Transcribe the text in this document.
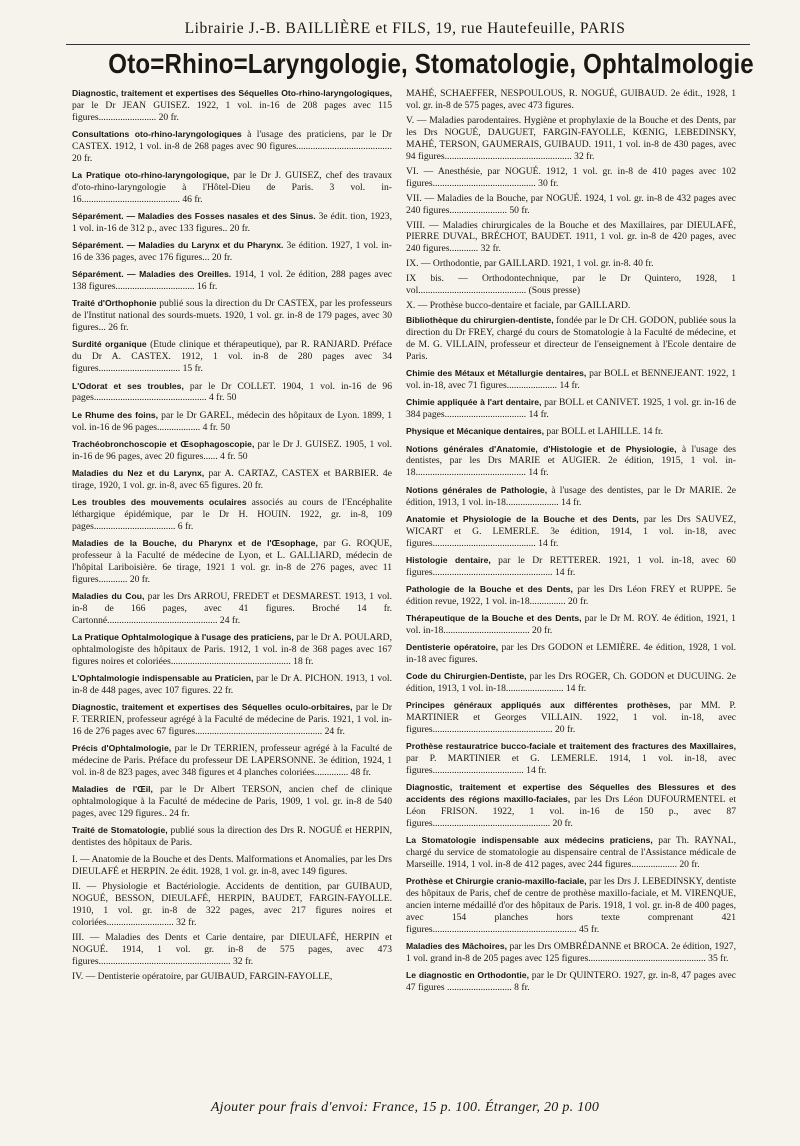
Librairie J.-B. BAILLIÈRE et FILS, 19, rue Hautefeuille, PARIS
Oto=Rhino=Laryngologie, Stomatologie, Ophtalmologie

Diagnostic, traitement et expertises des Séquelles Oto-rhino-laryngologiques, par le Dr JEAN GUISEZ. 1922, 1 vol. in-16 de 208 pages avec 115 figures........................ 20 fr.

Consultations oto-rhino-laryngologiques à l'usage des praticiens, par le Dr CASTEX. 1912, 1 vol. in-8 de 268 pages avec 90 figures........................................ 20 fr.

La Pratique oto-rhino-laryngologique, par le Dr J. GUISEZ, chef des travaux d'oto-rhino-laryngologie à l'Hôtel-Dieu de Paris. 3 vol. in-16......................................... 46 fr.

Séparément. — Maladies des Fosses nasales et des Sinus. 3e édit. tion, 1923, 1 vol. in-16 de 312 p., avec 133 figures.. 20 fr.

Séparément. — Maladies du Larynx et du Pharynx. 3e édition. 1927, 1 vol. in-16 de 336 pages, avec 176 figures... 20 fr.

Séparément. — Maladies des Oreilles. 1914, 1 vol. 2e édition, 288 pages avec 138 figures................................. 16 fr.

Traité d'Orthophonie publié sous la direction du Dr CASTEX, par les professeurs de l'Institut national des sourds-muets. 1920, 1 vol. gr. in-8 de 179 pages, avec 30 figures... 26 fr.

Surdité organique (Etude clinique et thérapeutique), par R. RANJARD. Préface du Dr A. CASTEX. 1912, 1 vol. in-8 de 280 pages avec 34 figures.................................. 15 fr.

L'Odorat et ses troubles, par le Dr COLLET. 1904, 1 vol. in-16 de 96 pages............................................... 4 fr. 50

Le Rhume des foins, par le Dr GAREL, médecin des hôpitaux de Lyon. 1899, 1 vol. in-16 de 96 pages.................. 4 fr. 50

Trachéobronchoscopie et Œsophagoscopie, par le Dr J. GUISEZ. 1905, 1 vol. in-16 de 96 pages, avec 20 figures...... 4 fr. 50

Maladies du Nez et du Larynx, par A. CARTAZ, CASTEX et BARBIER. 4e tirage, 1920, 1 vol. gr. in-8, avec 65 figures. 20 fr.

Les troubles des mouvements oculaires associés au cours de l'Encéphalite léthargique épidémique, par le Dr H. HOUIN. 1922, gr. in-8, 109 pages.................................. 6 fr.

Maladies de la Bouche, du Pharynx et de l'Œsophage, par G. ROQUE, professeur à la Faculté de médecine de Lyon, et L. GALLIARD, médecin de l'hôpital Lariboisière. 6e tirage, 1921 1 vol. gr. in-8 de 276 pages, avec 11 figures............ 20 fr.

Maladies du Cou, par les Drs ARROU, FREDET et DESMAREST. 1913, 1 vol. in-8 de 166 pages, avec 41 figures. Broché 14 fr. Cartonné.............................................. 24 fr.

La Pratique Ophtalmologique à l'usage des praticiens, par le Dr A. POULARD, ophtalmologiste des hôpitaux de Paris. 1912, 1 vol. in-8 de 368 pages avec 167 figures noires et coloriées.................................................. 18 fr.

L'Ophtalmologie indispensable au Praticien, par le Dr A. PICHON. 1913, 1 vol. in-8 de 448 pages, avec 107 figures. 22 fr.

Diagnostic, traitement et expertises des Séquelles oculo-orbitaires, par le Dr F. TERRIEN, professeur agrégé à la Faculté de médecine de Paris. 1921, 1 vol. in-16 de 276 pages avec 67 figures..................................................... 24 fr.

Précis d'Ophtalmologie, par le Dr TERRIEN, professeur agrégé à la Faculté de médecine de Paris. Préface du professeur DE LAPERSONNE. 3e édition, 1924, 1 vol. in-8 de 823 pages, avec 348 figures et 4 planches coloriées.............. 48 fr.

Maladies de l'Œil, par le Dr Albert TERSON, ancien chef de clinique ophtalmologique à la Faculté de médecine de Paris, 1909, 1 vol. gr. in-8 de 540 pages, avec 129 figures.. 24 fr.

Traité de Stomatologie, publié sous la direction des Drs R. NOGUÉ et HERPIN, dentistes des hôpitaux de Paris.

I. — Anatomie de la Bouche et des Dents. Malformations et Anomalies, par les Drs DIEULAFÉ et HERPIN. 2e édit. 1928, 1 vol. gr. in-8, avec 149 figures.

II. — Physiologie et Bactériologie. Accidents de dentition, par GUIBAUD, NOGUÉ, BESSON, DIEULAFÉ, HERPIN, BAUDET, FARGIN-FAYOLLE. 1910, 1 vol. gr. in-8 de 322 pages, avec 217 figures noires et coloriées............................ 32 fr.

III. — Maladies des Dents et Carie dentaire, par DIEULAFÉ, HERPIN et NOGUÉ. 1914, 1 vol. gr. in-8 de 575 pages, avec 473 figures....................................................... 32 fr.

IV. — Dentisterie opératoire, par GUIBAUD, FARGIN-FAYOLLE,

MAHÉ, SCHAEFFER, NESPOULOUS, R. NOGUÉ, GUIBAUD. 2e édit., 1928, 1 vol. gr. in-8 de 575 pages, avec 473 figures.

V. — Maladies parodentaires. Hygiène et prophylaxie de la Bouche et des Dents, par les Drs NOGUÉ, DAUGUET, FARGIN-FAYOLLE, KŒNIG, LEBEDINSKY, MAHÉ, TERSON, GAUMERAIS, GUIBAUD. 1911, 1 vol. in-8 de 430 pages, avec 94 figures..................................................... 32 fr.

VI. — Anesthésie, par NOGUÉ. 1912, 1 vol. gr. in-8 de 410 pages avec 102 figures........................................... 30 fr.

VII. — Maladies de la Bouche, par NOGUÉ. 1924, 1 vol. gr. in-8 de 432 pages avec 240 figures........................ 50 fr.

VIII. — Maladies chirurgicales de la Bouche et des Maxillaires, par DIEULAFÉ, PIERRE DUVAL, BRÉCHOT, BAUDET. 1911, 1 vol. gr. in-8 de 420 pages, avec 240 figures............ 32 fr.

IX. — Orthodontie, par GAILLARD. 1921, 1 vol. gr. in-8. 40 fr.

IX bis. — Orthodontechnique, par le Dr Quintero, 1928, 1 vol............................................. (Sous presse)

X. — Prothèse bucco-dentaire et faciale, par GAILLARD.

Bibliothèque du chirurgien-dentiste, fondée par le Dr CH. GODON, publiée sous la direction du Dr FREY, chargé du cours de Stomatologie à la Faculté de médecine, et de M. G. VILLAIN, professeur et directeur de l'enseignement à l'Ecole dentaire de Paris.

Chimie des Métaux et Métallurgie dentaires, par BOLL et BENNEJEANT. 1922, 1 vol. in-18, avec 71 figures..................... 14 fr.

Chimie appliquée à l'art dentaire, par BOLL et CANIVET. 1925, 1 vol. gr. in-16 de 384 pages.................................. 14 fr.

Physique et Mécanique dentaires, par BOLL et LAHILLE. 14 fr.

Notions générales d'Anatomie, d'Histologie et de Physiologie, à l'usage des dentistes, par les Drs MARIE et AUGIER. 2e édition, 1915, 1 vol. in-18.............................................. 14 fr.

Notions générales de Pathologie, à l'usage des dentistes, par le Dr MARIE. 2e édition, 1913, 1 vol. in-18...................... 14 fr.

Anatomie et Physiologie de la Bouche et des Dents, par les Drs SAUVEZ, WICART et G. LEMERLE. 3e édition, 1914, 1 vol. in-18, avec figures........................................... 14 fr.

Histologie dentaire, par le Dr RETTERER. 1921, 1 vol. in-18, avec 60 figures.................................................. 14 fr.

Pathologie de la Bouche et des Dents, par les Drs Léon FREY et RUPPE. 5e édition revue, 1922, 1 vol. in-18............... 20 fr.

Thérapeutique de la Bouche et des Dents, par le Dr M. ROY. 4e édition, 1921, 1 vol. in-18.................................... 20 fr.

Dentisterie opératoire, par les Drs GODON et LEMIÈRE. 4e édition, 1928, 1 vol. in-18 avec figures.

Code du Chirurgien-Dentiste, par les Drs ROGER, Ch. GODON et DUCUING. 2e édition, 1913, 1 vol. in-18........................ 14 fr.

Principes généraux appliqués aux différentes prothèses, par MM. P. MARTINIER et Georges VILLAIN. 1922, 1 vol. in-18, avec figures.................................................. 20 fr.

Prothèse restauratrice bucco-faciale et traitement des fractures des Maxillaires, par P. MARTINIER et G. LEMERLE. 1914, 1 vol. in-18, avec figures...................................... 14 fr.

Diagnostic, traitement et expertise des Séquelles des Blessures et des accidents des régions maxillo-faciales, par les Drs Léon DUFOURMENTEL et Léon FRISON. 1922, 1 vol. in-16 de 150 p., avec 87 figures................................................. 20 fr.

La Stomatologie indispensable aux médecins praticiens, par Th. RAYNAL, chargé du service de stomatologie au dispensaire central de l'Assistance médicale de Marseille. 1914, 1 vol. in-8 de 412 pages, avec 244 figures................... 20 fr.

Prothèse et Chirurgie cranio-maxillo-faciale, par les Drs J. LEBEDINSKY, dentiste des hôpitaux de Paris, chef de centre de prothèse maxillo-faciale, et M. VIRENQUE, ancien interne médaillé d'or des hôpitaux de Paris. 1918, 1 vol. gr. in-8 de 400 pages, avec 154 planches hors texte comprenant 421 figures............................................................ 45 fr.

Maladies des Mâchoires, par les Drs OMBRÉDANNE et BROCA. 2e édition, 1927, 1 vol. grand in-8 de 205 pages avec 125 figures................................................. 35 fr.

Le diagnostic en Orthodontie, par le Dr QUINTERO. 1927, gr. in-8, 47 pages avec 47 figures ........................... 8 fr.

Ajouter pour frais d'envoi: France, 15 p. 100. Étranger, 20 p. 100
